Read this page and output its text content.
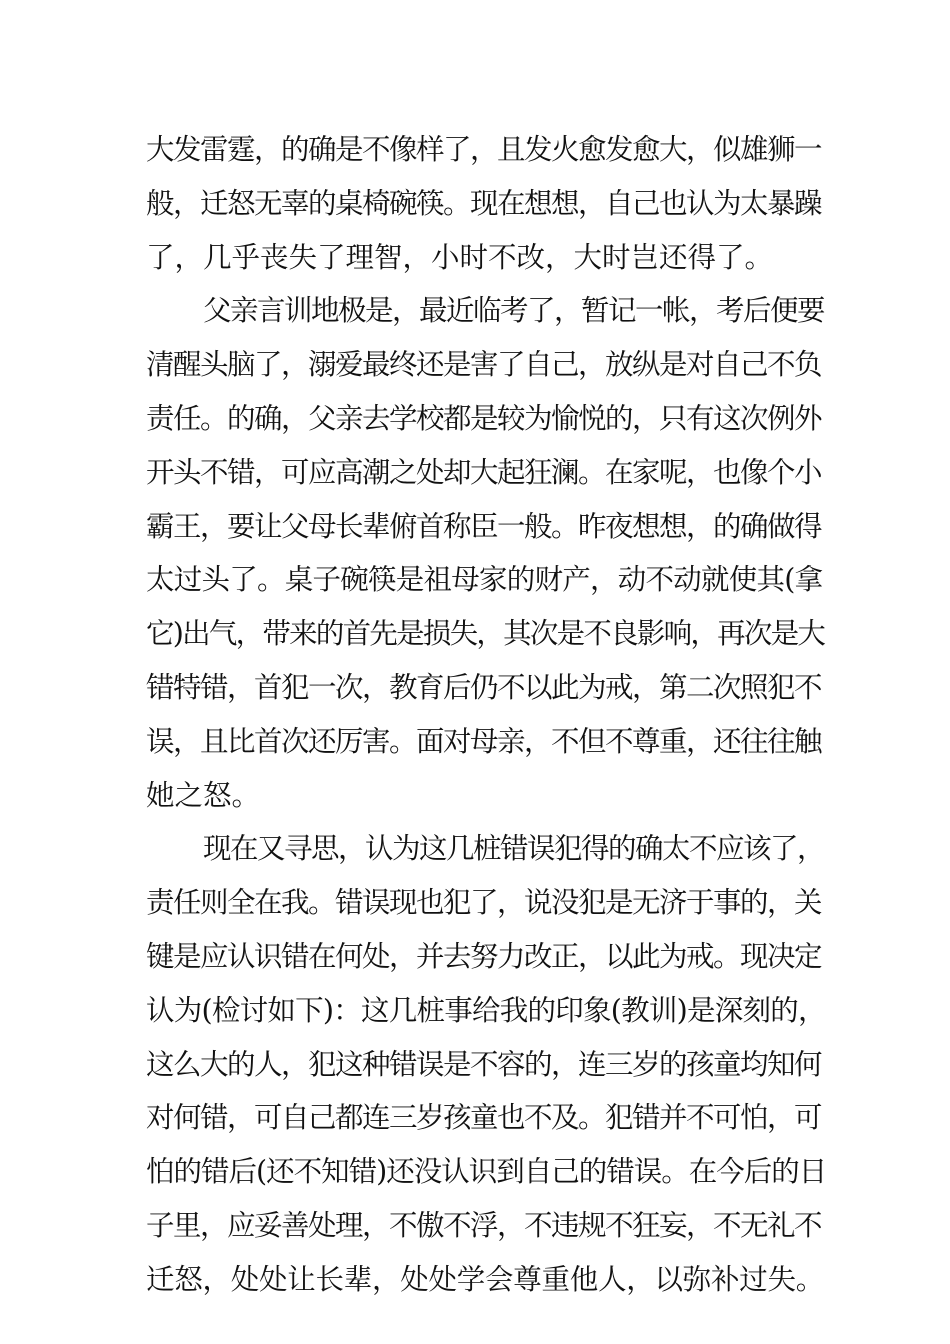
大发雷霆，的确是不像样了，且发火愈发愈大，似雄狮一
般，迁怒无辜的桌椅碗筷。现在想想，自己也认为太暴躁
了，几乎丧失了理智，小时不改，大时岂还得了。
父亲言训地极是，最近临考了，暂记一帐，考后便要
清醒头脑了，溺爱最终还是害了自己，放纵是对自己不负
责任。的确，父亲去学校都是较为愉悦的，只有这次例外
开头不错，可应高潮之处却大起狂澜。在家呢，也像个小
霸王，要让父母长辈俯首称臣一般。昨夜想想，的确做得
太过头了。桌子碗筷是祖母家的财产，动不动就使其(拿
它)出气，带来的首先是损失，其次是不良影响，再次是大
错特错，首犯一次，教育后仍不以此为戒，第二次照犯不
误，且比首次还厉害。面对母亲，不但不尊重，还往往触
她之怒。
现在又寻思，认为这几桩错误犯得的确太不应该了，
责任则全在我。错误现也犯了，说没犯是无济于事的，关
键是应认识错在何处，并去努力改正，以此为戒。现决定
认为(检讨如下)：这几桩事给我的印象(教训)是深刻的，
这么大的人，犯这种错误是不容的，连三岁的孩童均知何
对何错，可自己都连三岁孩童也不及。犯错并不可怕，可
怕的错后(还不知错)还没认识到自己的错误。在今后的日
子里，应妥善处理，不傲不浮，不违规不狂妄，不无礼不
迁怒，处处让长辈，处处学会尊重他人，以弥补过失。
